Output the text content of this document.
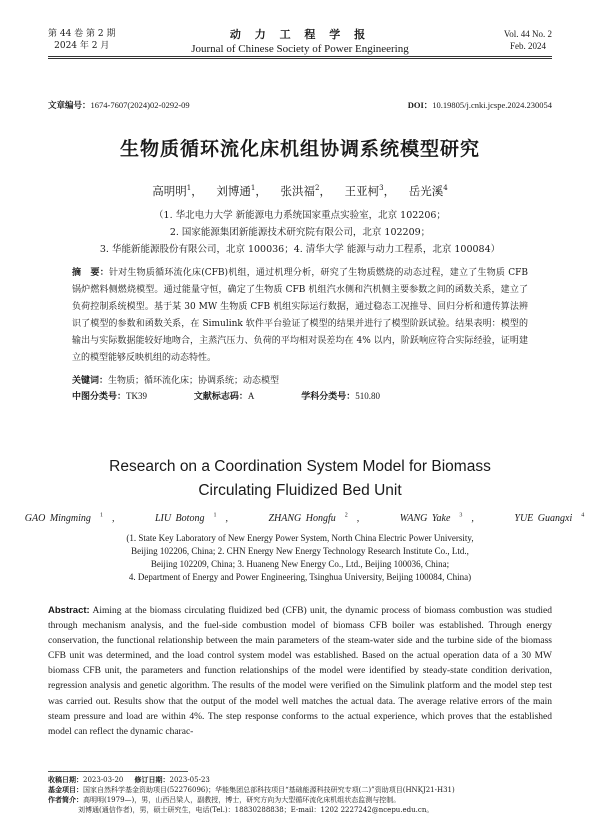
第 44 卷 第 2 期
2024 年 2 月
动 力 工 程 学 报
Journal of Chinese Society of Power Engineering
Vol. 44 No. 2
Feb. 2024
文章编号：1674-7607(2024)02-0292-09	DOI：10.19805/j.cnki.jcspe.2024.230054
生物质循环流化床机组协调系统模型研究
高明明$^1$， 刘博通$^1$， 张洪福$^2$， 王亚柯$^3$， 岳光溪$^4$
（1. 华北电力大学 新能源电力系统国家重点实验室，北京 102206；
2. 国家能源集团新能源技术研究院有限公司，北京 102209；
3. 华能新能源股份有限公司，北京 100036；4. 清华大学 能源与动力工程系，北京 100084）
摘　要：针对生物质循环流化床(CFB)机组，通过机理分析，研究了生物质燃烧的动态过程，建立了生物质 CFB 锅炉燃料侧燃烧模型。通过能量守恒，确定了生物质 CFB 机组汽水侧和汽机侧主要参数之间的函数关系，建立了负荷控制系统模型。基于某 30 MW 生物质 CFB 机组实际运行数据，通过稳态工况推导、回归分析和遗传算法辨识了模型的参数和函数关系，在 Simulink 软件平台验证了模型的结果并进行了模型阶跃试验。结果表明：模型的输出与实际数据能较好地吻合，主蒸汽压力、负荷的平均相对误差均在 4% 以内，阶跃响应符合实际经验，证明建立的模型能够反映机组的动态特性。
关键词：生物质；循环流化床；协调系统；动态模型
中图分类号：TK39	文献标志码：A	学科分类号：510.80
Research on a Coordination System Model for Biomass
Circulating Fluidized Bed Unit
GAO Mingming $^1$ ,	LIU Botong $^1$ ,	ZHANG Hongfu $^2$ ,	WANG Yake $^3$ ,	YUE Guangxi $^4$
(1. State Key Laboratory of New Energy Power System, North China Electric Power University,
Beijing 102206, China; 2. CHN Energy New Energy Technology Research Institute Co., Ltd.,
Beijing 102209, China; 3. Huaneng New Energy Co., Ltd., Beijing 100036, China;
4. Department of Energy and Power Engineering, Tsinghua University, Beijing 100084, China)
Abstract: Aiming at the biomass circulating fluidized bed (CFB) unit, the dynamic process of biomass combustion was studied through mechanism analysis, and the fuel-side combustion model of biomass CFB boiler was established. Through energy conservation, the functional relationship between the main parameters of the steam-water side and the turbine side of the biomass CFB unit was determined, and the load control system model was established. Based on the actual operation data of a 30 MW biomass CFB unit, the parameters and function relationships of the model were identified by steady-state condition derivation, regression analysis and genetic algorithm. The results of the model were verified on the Simulink platform and the model step test was carried out. Results show that the output of the model well matches the actual data. The average relative errors of the main steam pressure and load are within 4%. The step response conforms to the actual experience, which proves that the established model can reflect the dynamic charac-
收稿日期：2023-03-20 修订日期：2023-05-23
基金项目：国家自然科学基金资助项目(52276096)；华能集团总部科技项目“基础能源科技研究专项(二)”资助项目(HNKJ21-H31)
作者简介：高明明(1979—)，男，山西吕梁人，副教授，博士，研究方向为大型循环流化床机组状态监测与控制。
刘博通(通信作者)，男，硕士研究生，电话(Tel.)：18830288838；E-mail：1202 2227242@ncepu.edu.cn。
